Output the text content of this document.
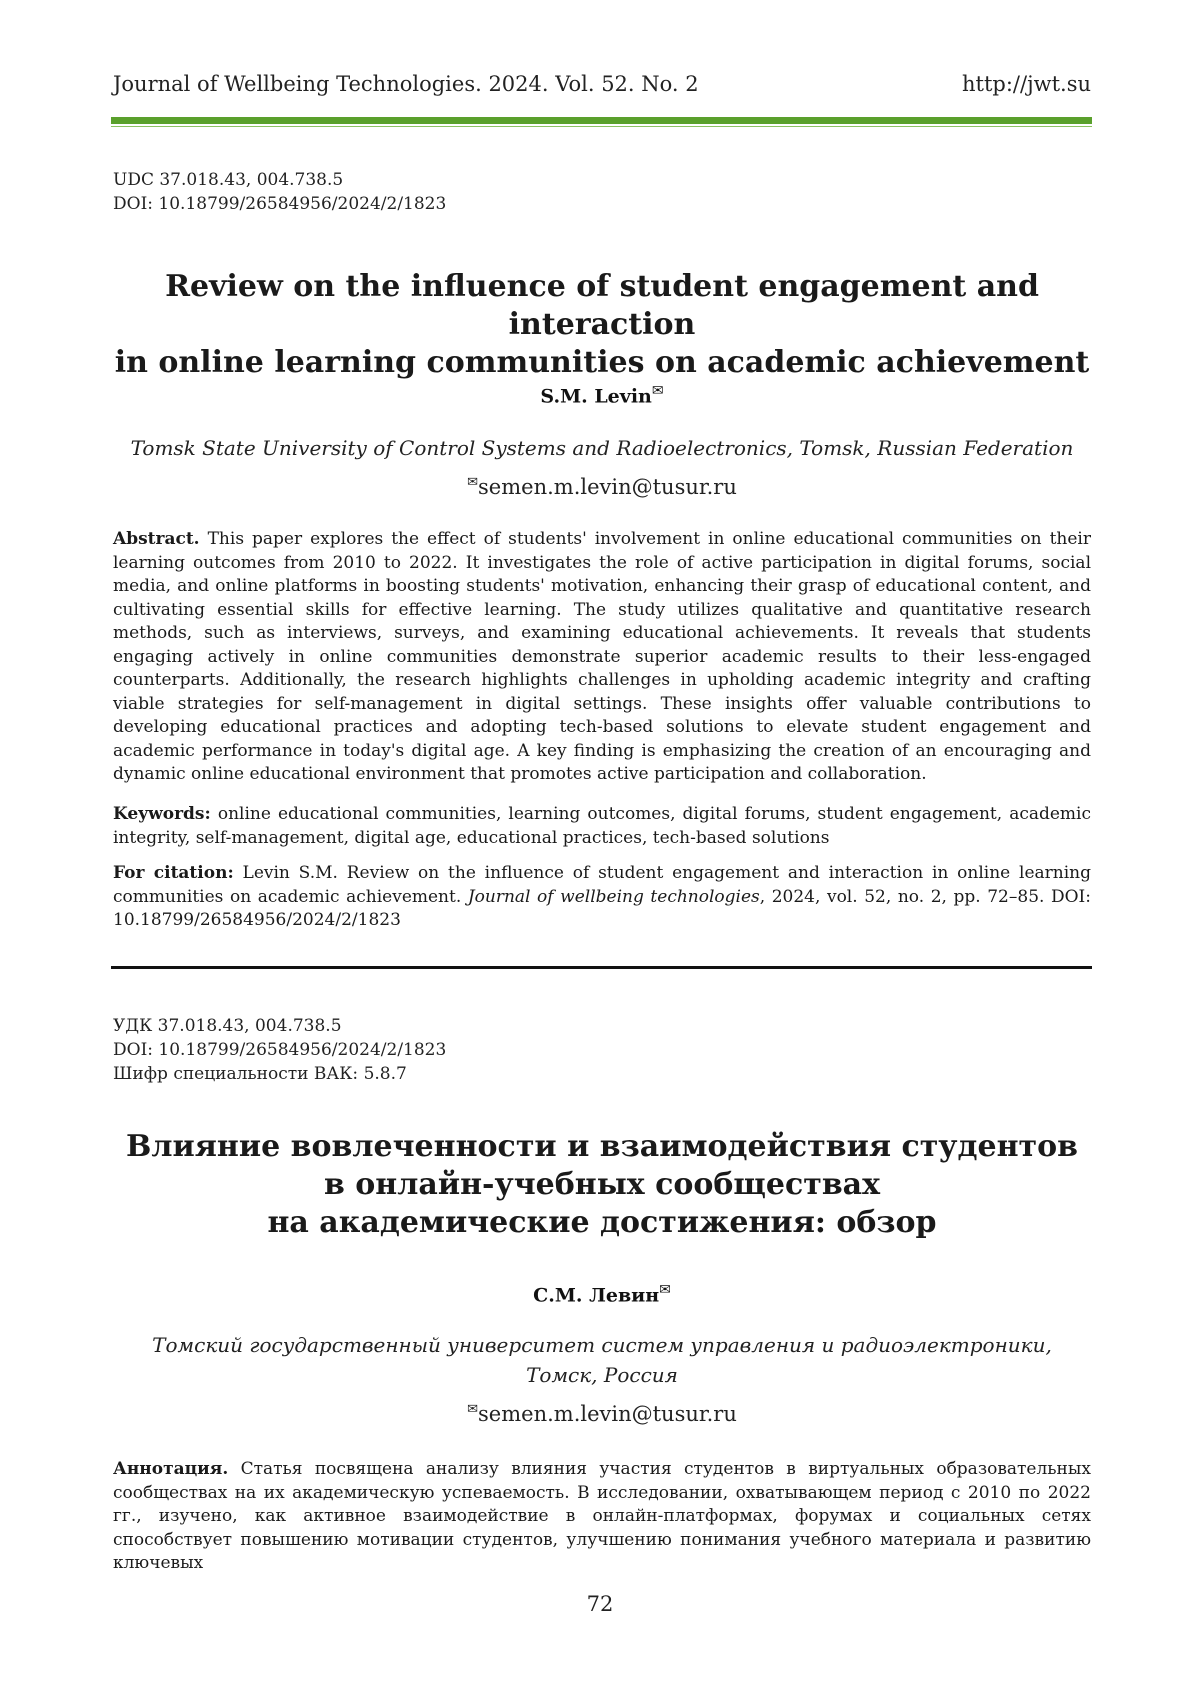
Journal of Wellbeing Technologies. 2024. Vol. 52. No. 2	http://jwt.su
UDC 37.018.43, 004.738.5
DOI: 10.18799/26584956/2024/2/1823
Review on the influence of student engagement and interaction
in online learning communities on academic achievement
S.M. Levin✉
Tomsk State University of Control Systems and Radioelectronics, Tomsk, Russian Federation
✉semen.m.levin@tusur.ru
Abstract. This paper explores the effect of students' involvement in online educational communities on their learning outcomes from 2010 to 2022. It investigates the role of active participation in digital forums, social media, and online platforms in boosting students' motivation, enhancing their grasp of educational content, and cultivating essential skills for effective learning. The study utilizes qualitative and quantitative research methods, such as interviews, surveys, and examining educational achievements. It reveals that students engaging actively in online communities demonstrate superior academic results to their less-engaged counterparts. Additionally, the research highlights challenges in upholding academic integrity and crafting viable strategies for self-management in digital settings. These insights offer valuable contributions to developing educational practices and adopting tech-based solutions to elevate student engagement and academic performance in today's digital age. A key finding is emphasizing the creation of an encouraging and dynamic online educational environment that promotes active participation and collaboration.
Keywords: online educational communities, learning outcomes, digital forums, student engagement, academic integrity, self-management, digital age, educational practices, tech-based solutions
For citation: Levin S.M. Review on the influence of student engagement and interaction in online learning communities on academic achievement. Journal of wellbeing technologies, 2024, vol. 52, no. 2, pp. 72–85. DOI: 10.18799/26584956/2024/2/1823
УДК 37.018.43, 004.738.5
DOI: 10.18799/26584956/2024/2/1823
Шифр специальности ВАК: 5.8.7
Влияние вовлеченности и взаимодействия студентов
в онлайн-учебных сообществах
на академические достижения: обзор
С.М. Левин✉
Томский государственный университет систем управления и радиоэлектроники,
Томск, Россия
✉semen.m.levin@tusur.ru
Аннотация. Статья посвящена анализу влияния участия студентов в виртуальных образовательных сообществах на их академическую успеваемость. В исследовании, охватывающем период с 2010 по 2022 гг., изучено, как активное взаимодействие в онлайн-платформах, форумах и социальных сетях способствует повышению мотивации студентов, улучшению понимания учебного материала и развитию ключевых
72
